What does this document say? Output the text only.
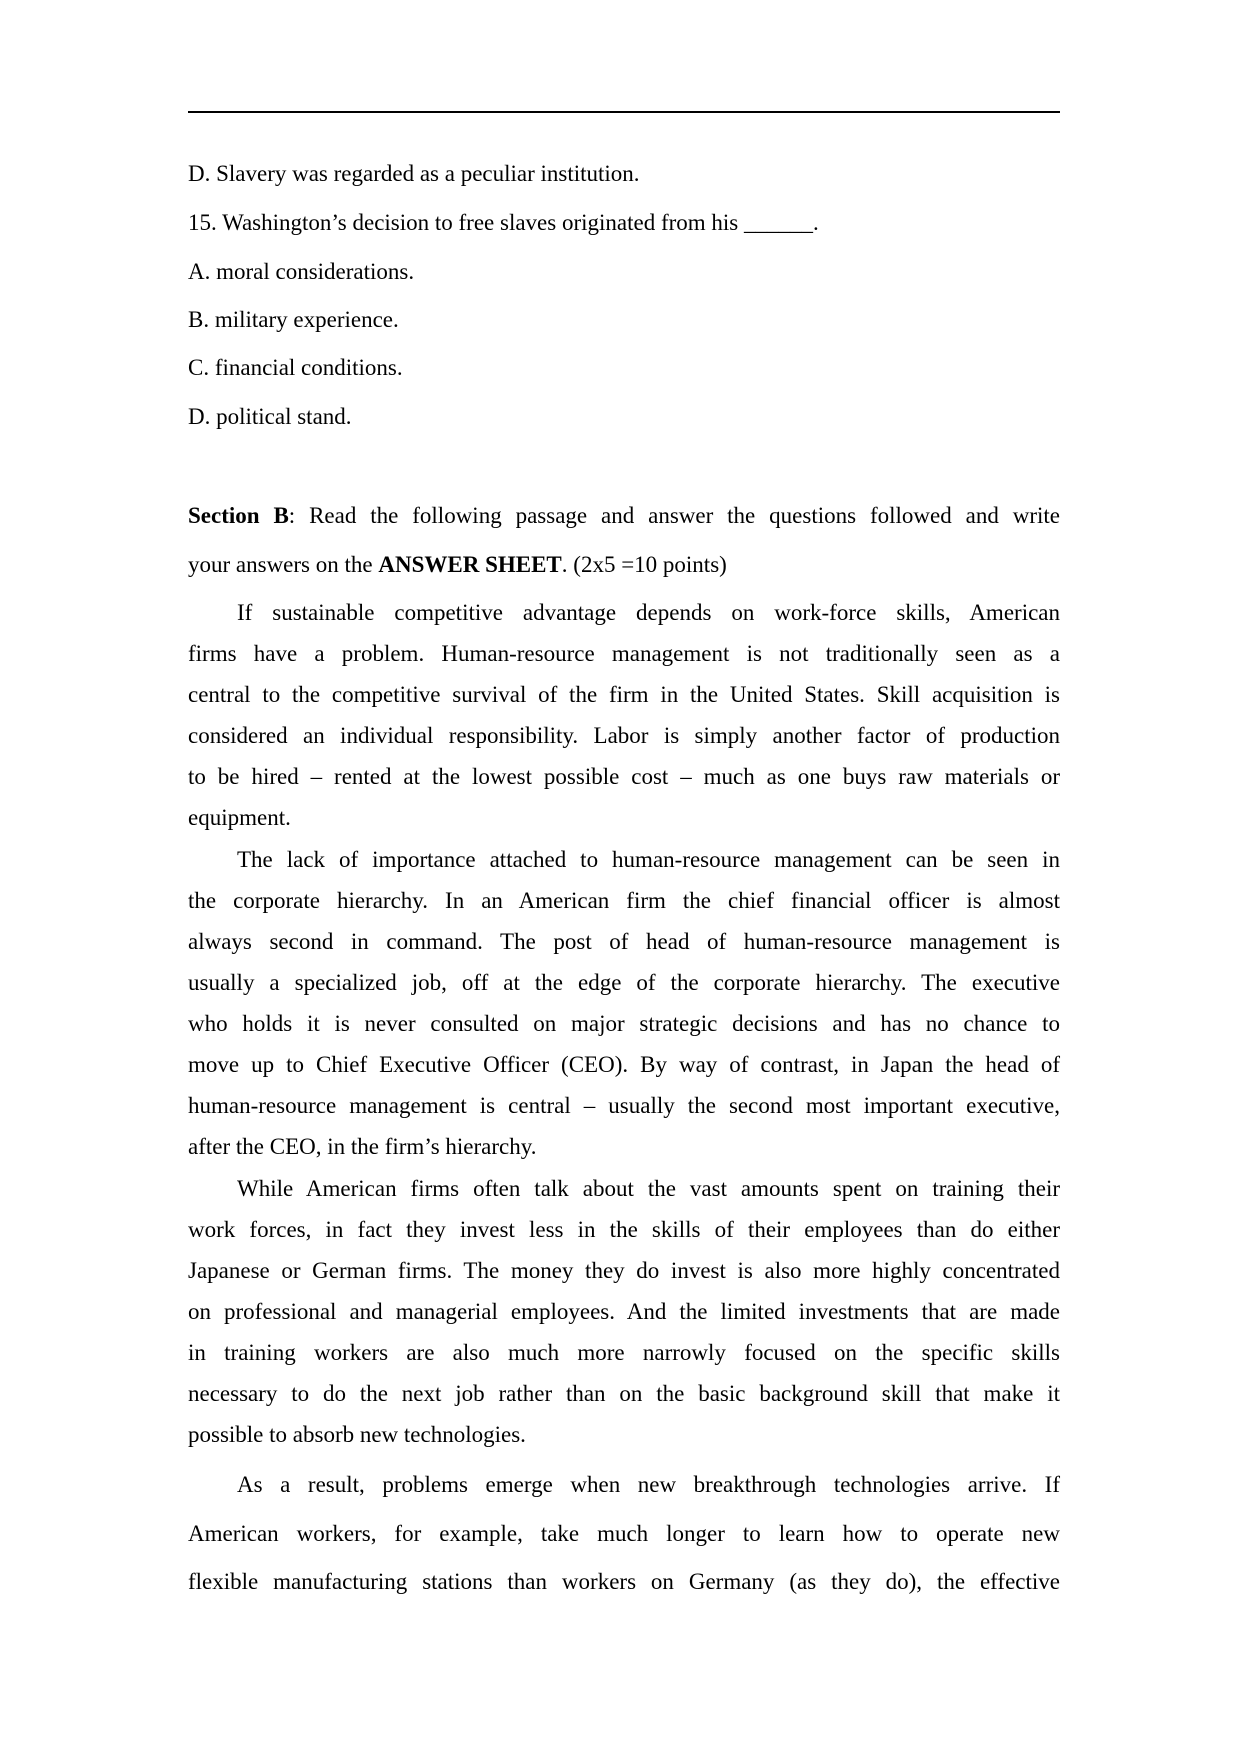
D. Slavery was regarded as a peculiar institution.
15. Washington’s decision to free slaves originated from his ______.
A. moral considerations.
B. military experience.
C. financial conditions.
D. political stand.
Section B: Read the following passage and answer the questions followed and write
your answers on the ANSWER SHEET. (2x5 =10 points)
If sustainable competitive advantage depends on work-force skills, American
firms have a problem. Human-resource management is not traditionally seen as a
central to the competitive survival of the firm in the United States. Skill acquisition is
considered an individual responsibility. Labor is simply another factor of production
to be hired – rented at the lowest possible cost – much as one buys raw materials or
equipment.
The lack of importance attached to human-resource management can be seen in
the corporate hierarchy. In an American firm the chief financial officer is almost
always second in command. The post of head of human-resource management is
usually a specialized job, off at the edge of the corporate hierarchy. The executive
who holds it is never consulted on major strategic decisions and has no chance to
move up to Chief Executive Officer (CEO). By way of contrast, in Japan the head of
human-resource management is central – usually the second most important executive,
after the CEO, in the firm’s hierarchy.
While American firms often talk about the vast amounts spent on training their
work forces, in fact they invest less in the skills of their employees than do either
Japanese or German firms. The money they do invest is also more highly concentrated
on professional and managerial employees. And the limited investments that are made
in training workers are also much more narrowly focused on the specific skills
necessary to do the next job rather than on the basic background skill that make it
possible to absorb new technologies.
As a result, problems emerge when new breakthrough technologies arrive. If
American workers, for example, take much longer to learn how to operate new
flexible manufacturing stations than workers on Germany (as they do), the effective
